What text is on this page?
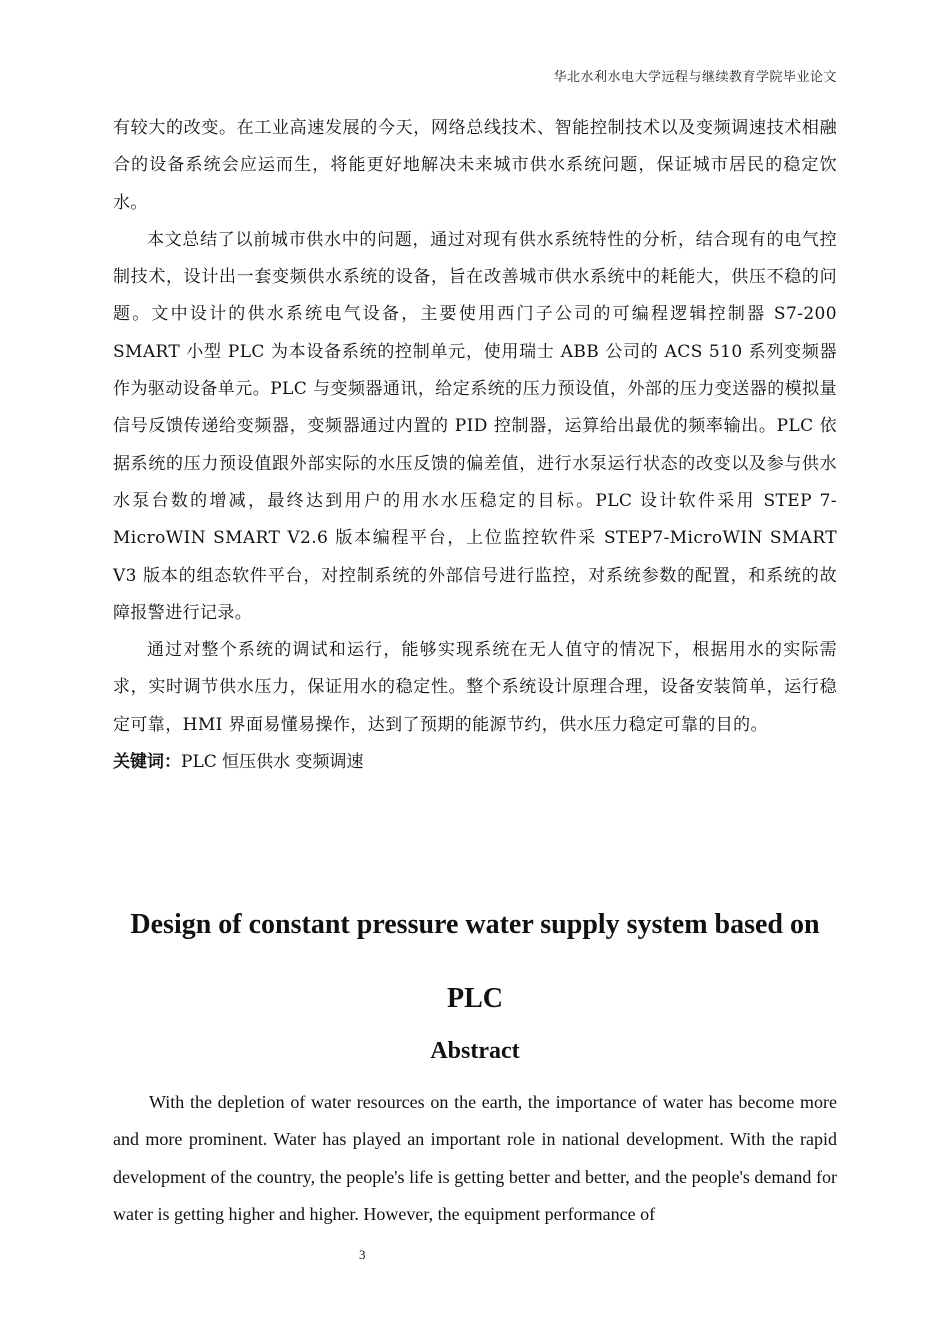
华北水利水电大学远程与继续教育学院毕业论文

有较大的改变。在工业高速发展的今天，网络总线技术、智能控制技术以及变频调速技术相融合的设备系统会应运而生，将能更好地解决未来城市供水系统问题，保证城市居民的稳定饮水。

本文总结了以前城市供水中的问题，通过对现有供水系统特性的分析，结合现有的电气控制技术，设计出一套变频供水系统的设备，旨在改善城市供水系统中的耗能大，供压不稳的问题。文中设计的供水系统电气设备，主要使用西门子公司的可编程逻辑控制器 S7-200 SMART 小型 PLC 为本设备系统的控制单元，使用瑞士 ABB 公司的 ACS 510 系列变频器作为驱动设备单元。PLC 与变频器通讯，给定系统的压力预设值，外部的压力变送器的模拟量信号反馈传递给变频器，变频器通过内置的 PID 控制器，运算给出最优的频率输出。PLC 依据系统的压力预设值跟外部实际的水压反馈的偏差值，进行水泵运行状态的改变以及参与供水水泵台数的增减，最终达到用户的用水水压稳定的目标。PLC 设计软件采用 STEP 7-MicroWIN SMART V2.6 版本编程平台，上位监控软件采 STEP7-MicroWIN SMART V3 版本的组态软件平台，对控制系统的外部信号进行监控，对系统参数的配置，和系统的故障报警进行记录。

通过对整个系统的调试和运行，能够实现系统在无人值守的情况下，根据用水的实际需求，实时调节供水压力，保证用水的稳定性。整个系统设计原理合理，设备安装简单，运行稳定可靠，HMI 界面易懂易操作，达到了预期的能源节约，供水压力稳定可靠的目的。

关键词：PLC 恒压供水 变频调速

Design of constant pressure water supply system based on PLC
Abstract

With the depletion of water resources on the earth, the importance of water has become more and more prominent. Water has played an important role in national development. With the rapid development of the country, the people's life is getting better and better, and the people's demand for water is getting higher and higher. However, the equipment performance of

3
